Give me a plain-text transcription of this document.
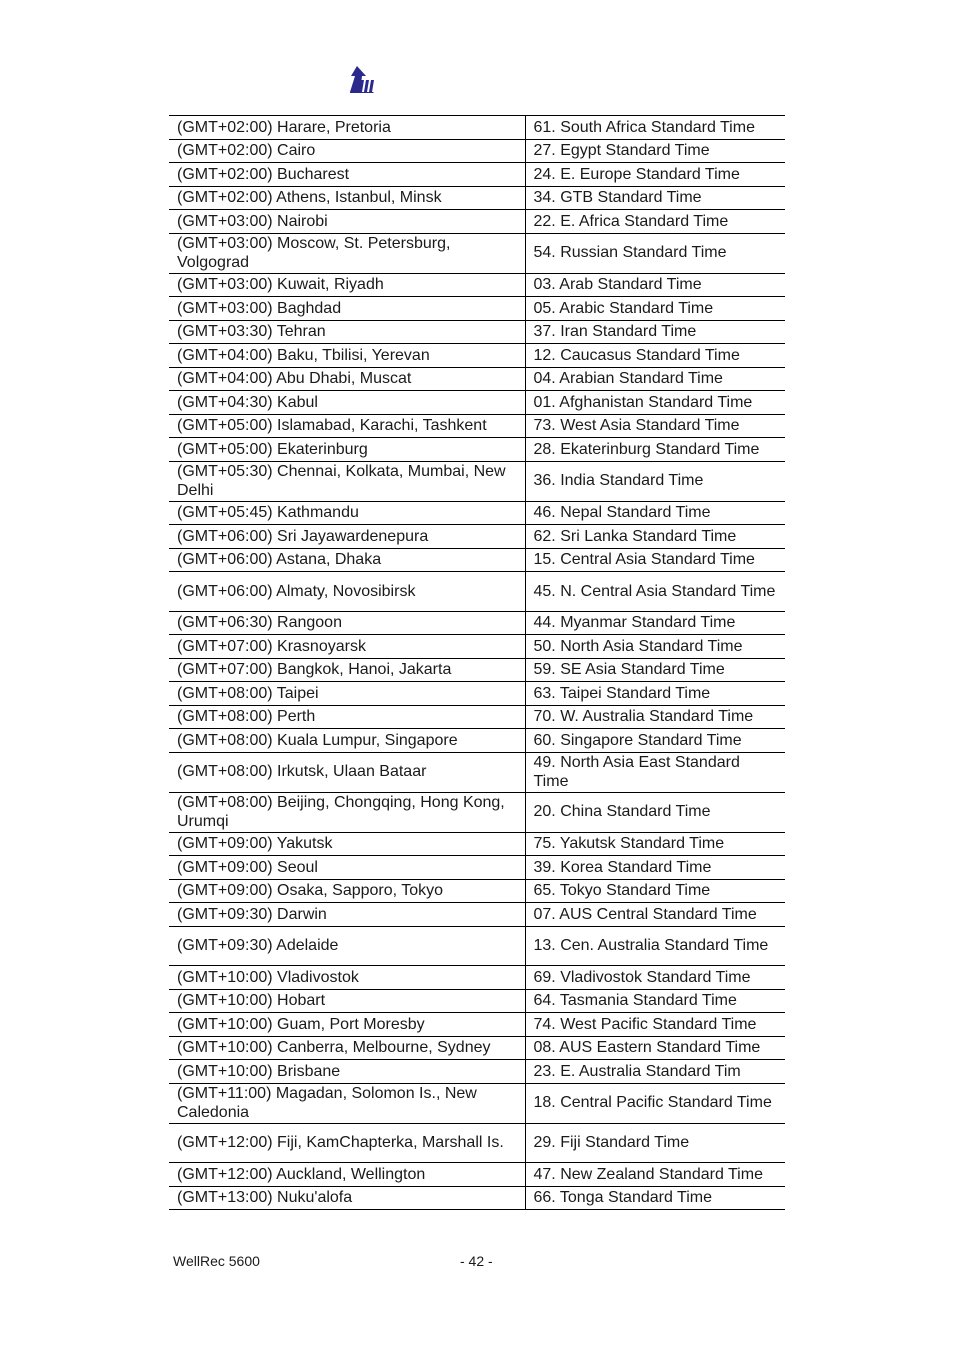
(GMT+02:00) Harare, Pretoria	61. South Africa Standard Time
(GMT+02:00) Cairo	27. Egypt Standard Time
(GMT+02:00) Bucharest	24. E. Europe Standard Time
(GMT+02:00) Athens, Istanbul, Minsk	34. GTB Standard Time
(GMT+03:00) Nairobi	22. E. Africa Standard Time
(GMT+03:00) Moscow, St. Petersburg, Volgograd	54. Russian Standard Time
(GMT+03:00) Kuwait, Riyadh	03. Arab Standard Time
(GMT+03:00) Baghdad	05. Arabic Standard Time
(GMT+03:30) Tehran	37. Iran Standard Time
(GMT+04:00) Baku, Tbilisi, Yerevan	12. Caucasus Standard Time
(GMT+04:00) Abu Dhabi, Muscat	04. Arabian Standard Time
(GMT+04:30) Kabul	01. Afghanistan Standard Time
(GMT+05:00) Islamabad, Karachi, Tashkent	73. West Asia Standard Time
(GMT+05:00) Ekaterinburg	28. Ekaterinburg Standard Time
(GMT+05:30) Chennai, Kolkata, Mumbai, New Delhi	36. India Standard Time
(GMT+05:45) Kathmandu	46. Nepal Standard Time
(GMT+06:00) Sri Jayawardenepura	62. Sri Lanka Standard Time
(GMT+06:00) Astana, Dhaka	15. Central Asia Standard Time
(GMT+06:00) Almaty, Novosibirsk	45. N. Central Asia Standard Time
(GMT+06:30) Rangoon	44. Myanmar Standard Time
(GMT+07:00) Krasnoyarsk	50. North Asia Standard Time
(GMT+07:00) Bangkok, Hanoi, Jakarta	59. SE Asia Standard Time
(GMT+08:00) Taipei	63. Taipei Standard Time
(GMT+08:00) Perth	70. W. Australia Standard Time
(GMT+08:00) Kuala Lumpur, Singapore	60. Singapore Standard Time
(GMT+08:00) Irkutsk, Ulaan Bataar	49. North Asia East Standard Time
(GMT+08:00) Beijing, Chongqing, Hong Kong, Urumqi	20. China Standard Time
(GMT+09:00) Yakutsk	75. Yakutsk Standard Time
(GMT+09:00) Seoul	39. Korea Standard Time
(GMT+09:00) Osaka, Sapporo, Tokyo	65. Tokyo Standard Time
(GMT+09:30) Darwin	07. AUS Central Standard Time
(GMT+09:30) Adelaide	13. Cen. Australia Standard Time
(GMT+10:00) Vladivostok	69. Vladivostok Standard Time
(GMT+10:00) Hobart	64. Tasmania Standard Time
(GMT+10:00) Guam, Port Moresby	74. West Pacific Standard Time
(GMT+10:00) Canberra, Melbourne, Sydney	08. AUS Eastern Standard Time
(GMT+10:00) Brisbane	23. E. Australia Standard Tim
(GMT+11:00) Magadan, Solomon Is., New Caledonia	18. Central Pacific Standard Time
(GMT+12:00) Fiji, KamChapterka, Marshall Is.	29. Fiji Standard Time
(GMT+12:00) Auckland, Wellington	47. New Zealand Standard Time
(GMT+13:00) Nuku'alofa	66. Tonga Standard Time
WellRec 5600	- 42 -
